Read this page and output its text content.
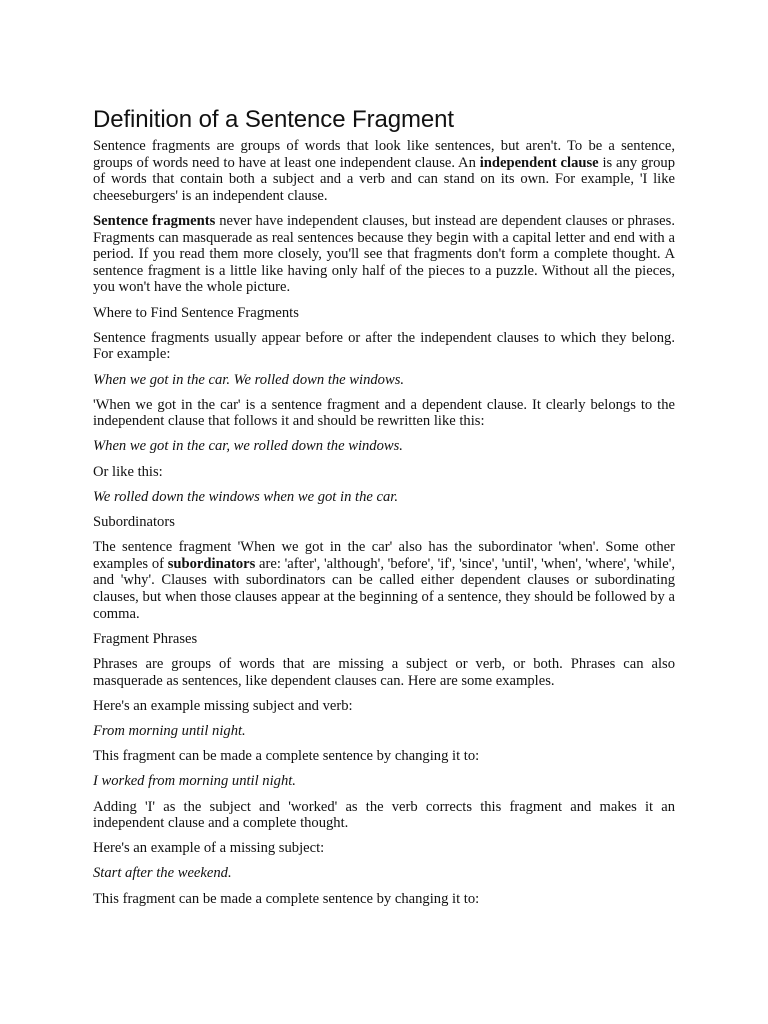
Definition of a Sentence Fragment

Sentence fragments are groups of words that look like sentences, but aren't. To be a sentence, groups of words need to have at least one independent clause. An independent clause is any group of words that contain both a subject and a verb and can stand on its own. For example, 'I like cheeseburgers' is an independent clause.

Sentence fragments never have independent clauses, but instead are dependent clauses or phrases. Fragments can masquerade as real sentences because they begin with a capital letter and end with a period. If you read them more closely, you'll see that fragments don't form a complete thought. A sentence fragment is a little like having only half of the pieces to a puzzle. Without all the pieces, you won't have the whole picture.

Where to Find Sentence Fragments

Sentence fragments usually appear before or after the independent clauses to which they belong. For example:

When we got in the car. We rolled down the windows.

'When we got in the car' is a sentence fragment and a dependent clause. It clearly belongs to the independent clause that follows it and should be rewritten like this:

When we got in the car, we rolled down the windows.

Or like this:

We rolled down the windows when we got in the car.

Subordinators

The sentence fragment 'When we got in the car' also has the subordinator 'when'. Some other examples of subordinators are: 'after', 'although', 'before', 'if', 'since', 'until', 'when', 'where', 'while', and 'why'. Clauses with subordinators can be called either dependent clauses or subordinating clauses, but when those clauses appear at the beginning of a sentence, they should be followed by a comma.

Fragment Phrases

Phrases are groups of words that are missing a subject or verb, or both. Phrases can also masquerade as sentences, like dependent clauses can. Here are some examples.

Here's an example missing subject and verb:

From morning until night.

This fragment can be made a complete sentence by changing it to:

I worked from morning until night.

Adding 'I' as the subject and 'worked' as the verb corrects this fragment and makes it an independent clause and a complete thought.

Here's an example of a missing subject:

Start after the weekend.

This fragment can be made a complete sentence by changing it to:
